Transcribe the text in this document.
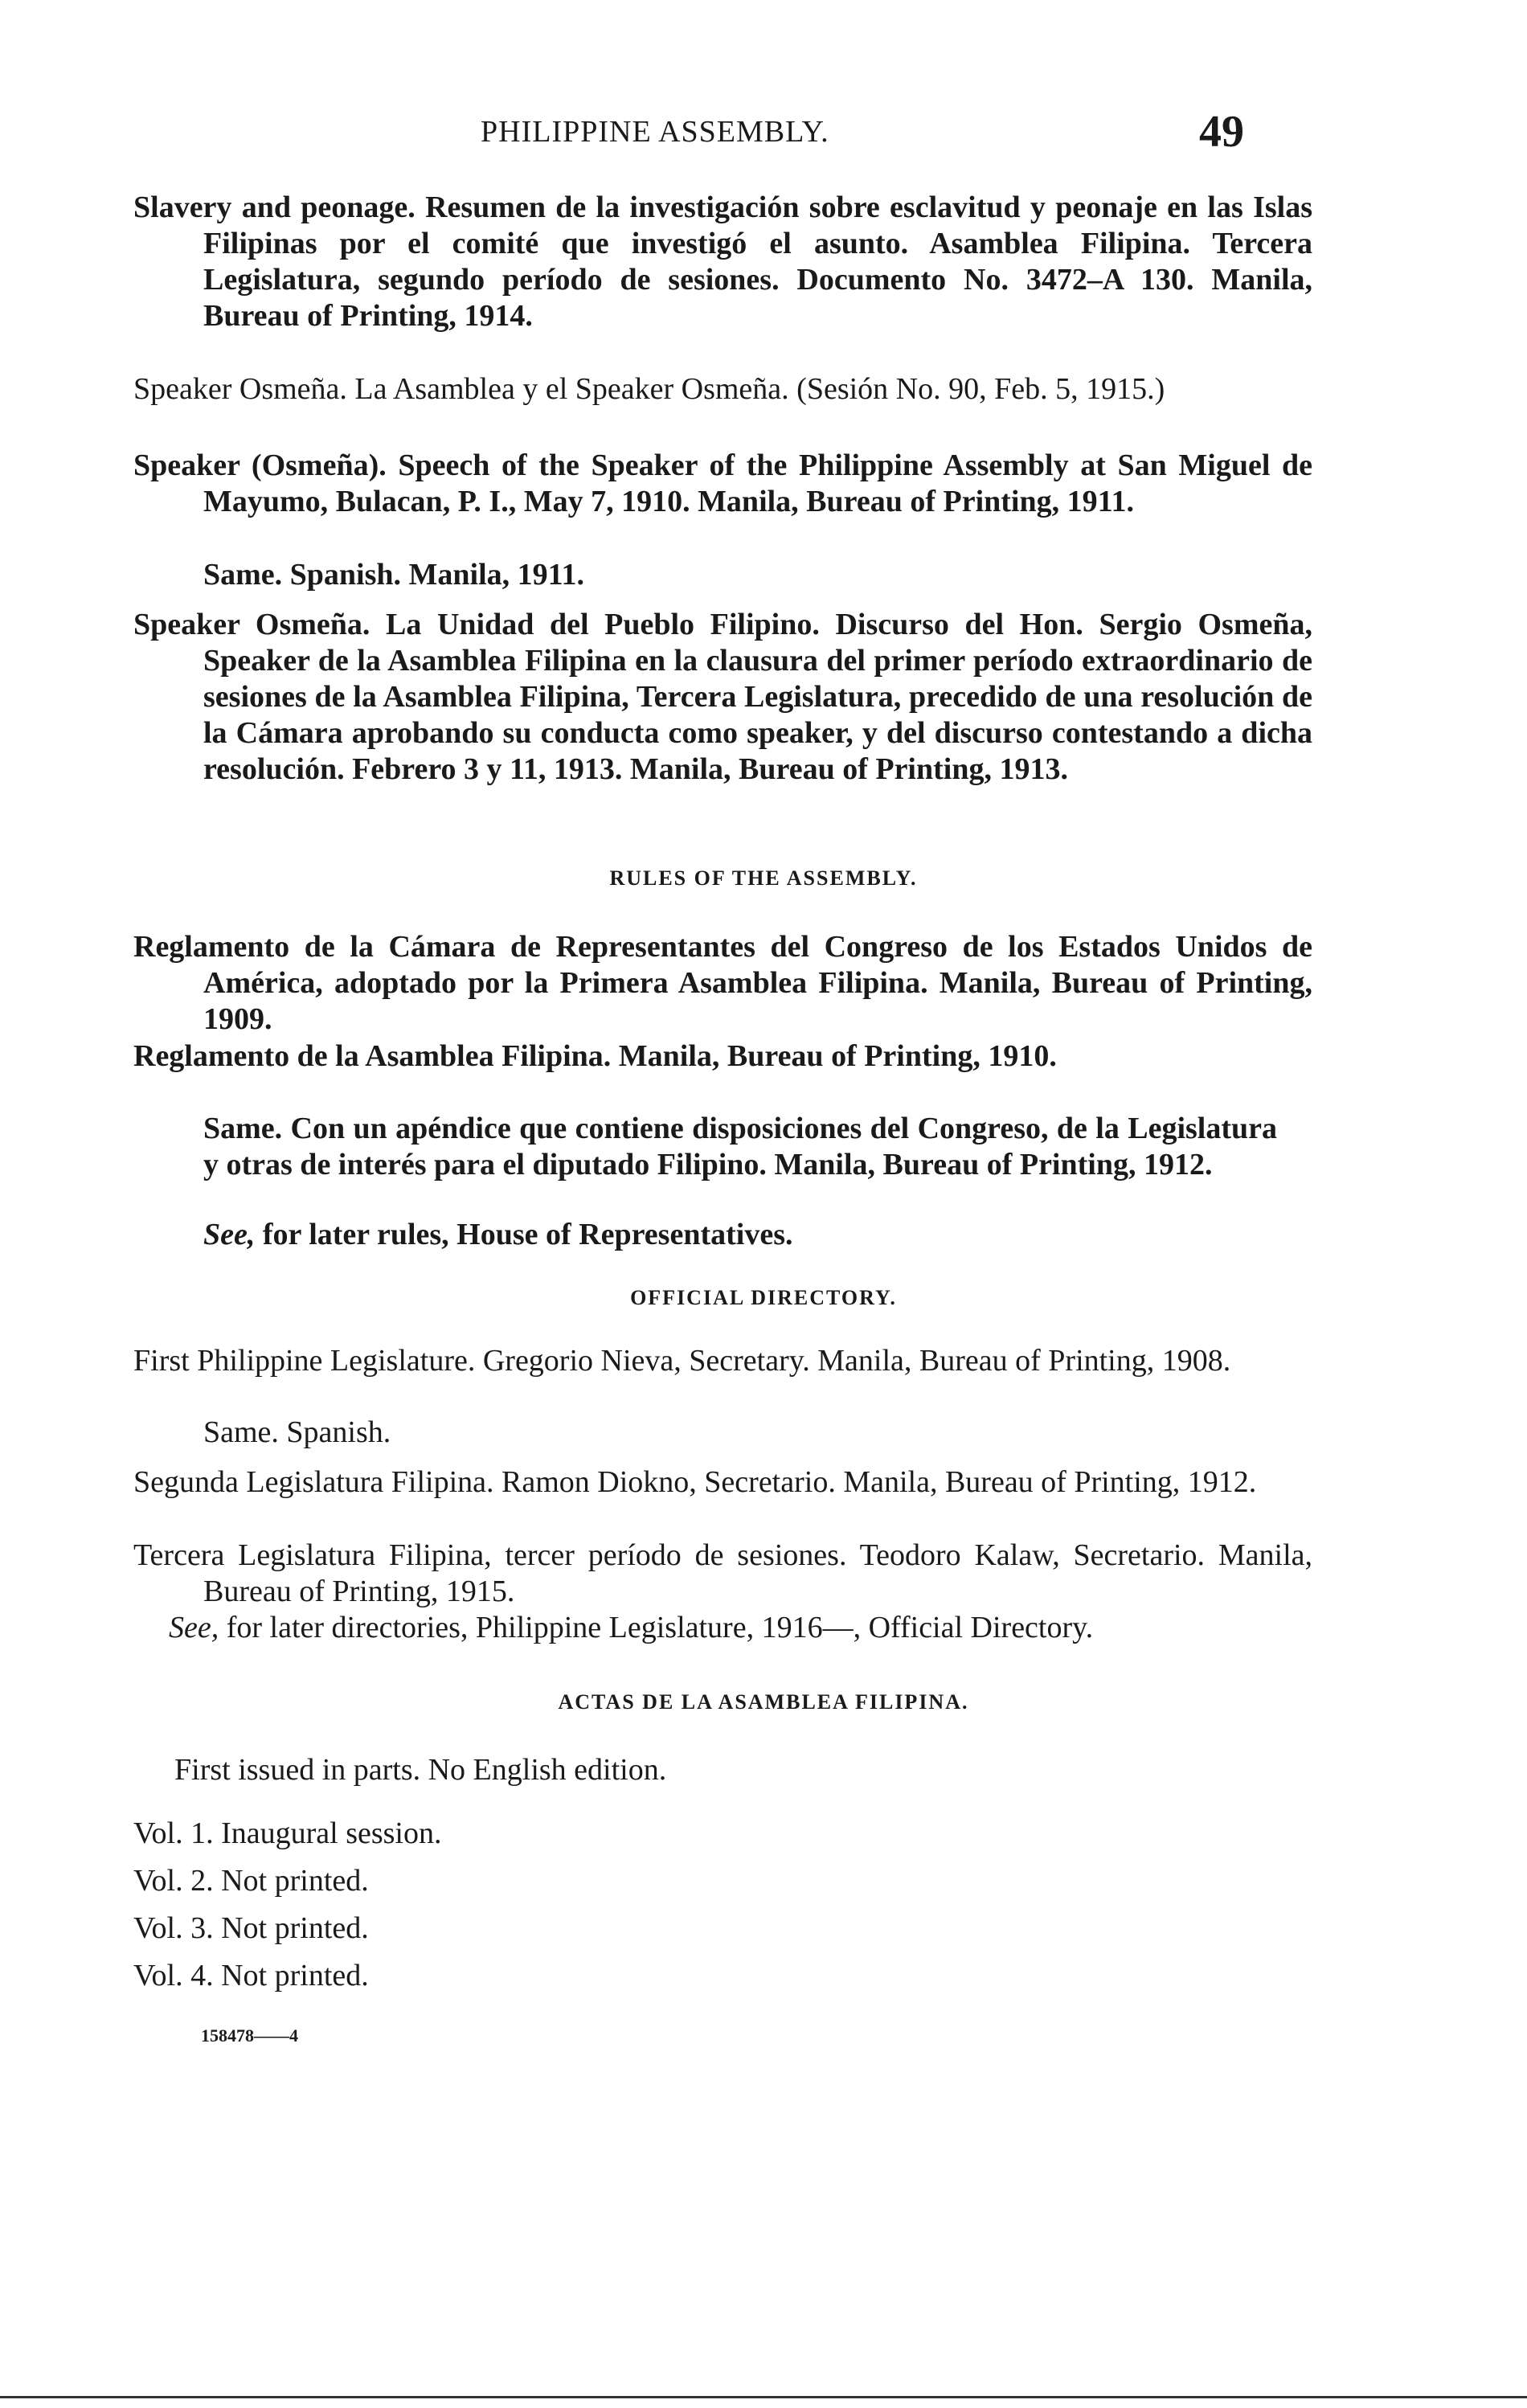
PHILIPPINE ASSEMBLY.	49
Slavery and peonage. Resumen de la investigación sobre esclavitud y peonaje en las Islas Filipinas por el comité que investigó el asunto. Asamblea Filipina. Tercera Legislatura, segundo período de sesiones. Documento No. 3472–A 130. Manila, Bureau of Printing, 1914.
Speaker Osmeña. La Asamblea y el Speaker Osmeña. (Sesión No. 90, Feb. 5, 1915.)
Speaker (Osmeña). Speech of the Speaker of the Philippine Assembly at San Miguel de Mayumo, Bulacan, P. I., May 7, 1910. Manila, Bureau of Printing, 1911.
Same. Spanish. Manila, 1911.
Speaker Osmeña. La Unidad del Pueblo Filipino. Discurso del Hon. Sergio Osmeña, Speaker de la Asamblea Filipina en la clausura del primer período extraordinario de sesiones de la Asamblea Filipina, Tercera Legislatura, precedido de una resolución de la Cámara aprobando su conducta como speaker, y del discurso contestando a dicha resolución. Febrero 3 y 11, 1913. Manila, Bureau of Printing, 1913.
RULES OF THE ASSEMBLY.
Reglamento de la Cámara de Representantes del Congreso de los Estados Unidos de América, adoptado por la Primera Asamblea Filipina. Manila, Bureau of Printing, 1909.
Reglamento de la Asamblea Filipina. Manila, Bureau of Printing, 1910.
Same. Con un apéndice que contiene disposiciones del Congreso, de la Legislatura y otras de interés para el diputado Filipino. Manila, Bureau of Printing, 1912.
See, for later rules, House of Representatives.
OFFICIAL DIRECTORY.
First Philippine Legislature. Gregorio Nieva, Secretary. Manila, Bureau of Printing, 1908.
Same. Spanish.
Segunda Legislatura Filipina. Ramon Diokno, Secretario. Manila, Bureau of Printing, 1912.
Tercera Legislatura Filipina, tercer período de sesiones. Teodoro Kalaw, Secretario. Manila, Bureau of Printing, 1915.
See, for later directories, Philippine Legislature, 1916—, Official Directory.
ACTAS DE LA ASAMBLEA FILIPINA.
First issued in parts. No English edition.
Vol. 1. Inaugural session.
Vol. 2. Not printed.
Vol. 3. Not printed.
Vol. 4. Not printed.
158478——4
